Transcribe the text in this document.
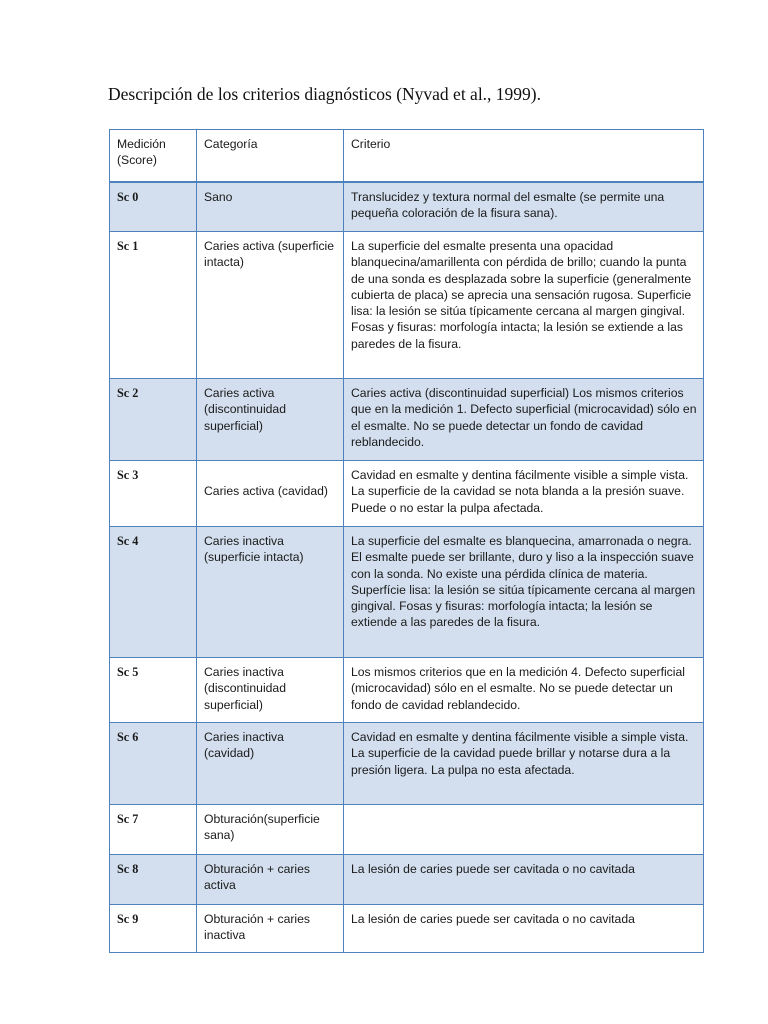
Descripción de los criterios diagnósticos (Nyvad et al., 1999).
Medición (Score)	Categoría	Criterio
Sc 0	Sano	Translucidez y textura normal del esmalte (se permite una pequeña coloración de la fisura sana).
Sc 1	Caries activa (superficie intacta)	La superficie del esmalte presenta una opacidad blanquecina/amarillenta con pérdida de brillo; cuando la punta de una sonda es desplazada sobre la superficie (generalmente cubierta de placa) se aprecia una sensación rugosa. Superficie lisa: la lesión se sitúa típicamente cercana al margen gingival. Fosas y fisuras: morfología intacta; la lesión se extiende a las paredes de la fisura.
Sc 2	Caries activa (discontinuidad superficial)	Caries activa (discontinuidad superficial) Los mismos criterios que en la medición 1. Defecto superficial (microcavidad) sólo en el esmalte. No se puede detectar un fondo de cavidad reblandecido.
Sc 3	Caries activa (cavidad)	Cavidad en esmalte y dentina fácilmente visible a simple vista. La superficie de la cavidad se nota blanda a la presión suave. Puede o no estar la pulpa afectada.
Sc 4	Caries inactiva (superficie intacta)	La superficie del esmalte es blanquecina, amarronada o negra. El esmalte puede ser brillante, duro y liso a la inspección suave con la sonda. No existe una pérdida clínica de materia. Superfície lisa: la lesión se sitúa típicamente cercana al margen gingival. Fosas y fisuras: morfología intacta; la lesión se extiende a las paredes de la fisura.
Sc 5	Caries inactiva (discontinuidad superficial)	Los mismos criterios que en la medición 4. Defecto superficial (microcavidad) sólo en el esmalte. No se puede detectar un fondo de cavidad reblandecido.
Sc 6	Caries inactiva (cavidad)	Cavidad en esmalte y dentina fácilmente visible a simple vista. La superficie de la cavidad puede brillar y notarse dura a la presión ligera. La pulpa no esta afectada.
Sc 7	Obturación(superficie sana)	
Sc 8	Obturación + caries activa	La lesión de caries puede ser cavitada o no cavitada
Sc 9	Obturación + caries inactiva	La lesión de caries puede ser cavitada o no cavitada
